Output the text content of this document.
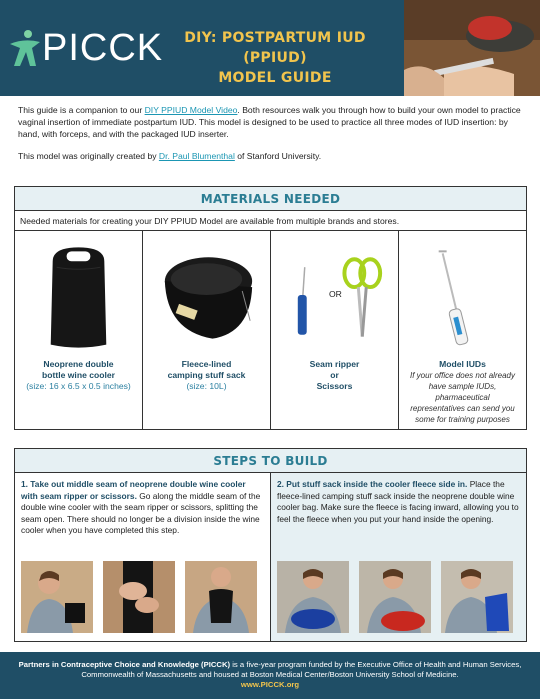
PICCK	DIY: POSTPARTUM IUD (PPIUD)
MODEL GUIDE

This guide is a companion to our DIY PPIUD Model Video. Both resources walk you through how to build your own model to practice vaginal insertion of immediate postpartum IUD. This model is designed to be used to practice all three modes of IUD insertion: by hand, with forceps, and with the packaged IUD inserter.

This model was originally created by Dr. Paul Blumenthal of Stanford University.

MATERIALS NEEDED
Needed materials for creating your DIY PPIUD Model are available from multiple brands and stores.
Neoprene double
bottle wine cooler
(size: 16 x 6.5 x 0.5 inches)
Fleece-lined
camping stuff sack
(size: 10L)
OR
Seam ripper
or
Scissors
Model IUDs
If your office does not already have sample IUDs, pharmaceutical representatives can send you some for training purposes
STEPS TO BUILD
1. Take out middle seam of neoprene double wine cooler with seam ripper or scissors. Go along the middle seam of the double wine cooler with the seam ripper or scissors, splitting the seam open. There should no longer be a division inside the wine cooler when you have completed this step.
2. Put stuff sack inside the cooler fleece side in. Place the fleece-lined camping stuff sack inside the neoprene double wine cooler bag. Make sure the fleece is facing inward, allowing you to feel the fleece when you put your hand inside the opening.
Partners in Contraceptive Choice and Knowledge (PICCK) is a five-year program funded by the Executive Office of Health and Human Services, Commonwealth of Massachusetts and housed at Boston Medical Center/Boston University School of Medicine.
www.PICCK.org
